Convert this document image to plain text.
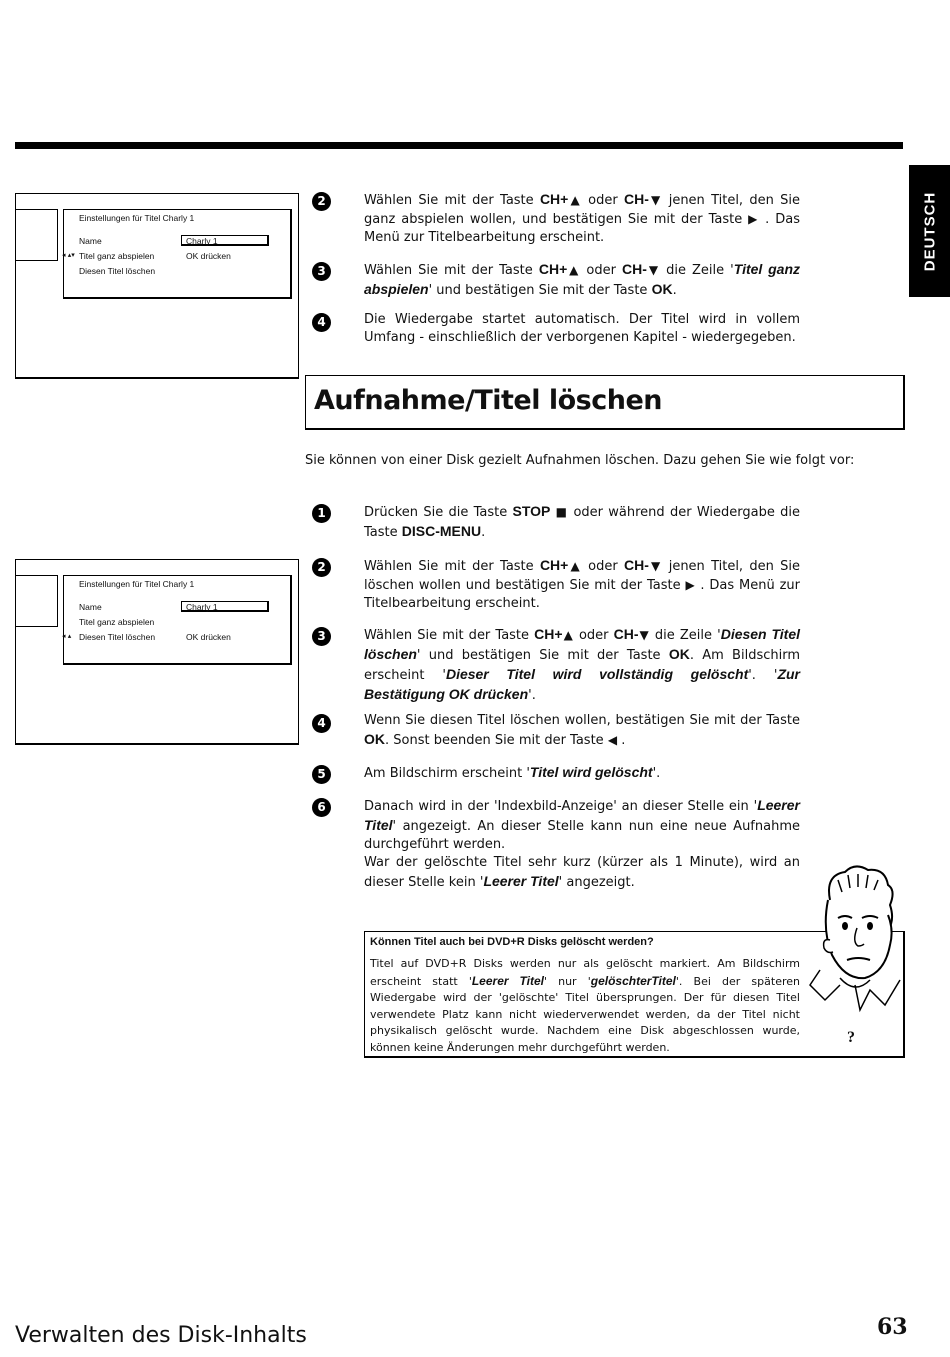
DEUTSCH
Einstellungen für Titel Charly 1
Name	Charly 1
◂ ▴▾ Titel ganz abspielen	OK drücken
Diesen Titel löschen
2	Wählen Sie mit der Taste CH+▲ oder CH-▼ jenen Titel, den Sie ganz abspielen wollen, und bestätigen Sie mit der Taste ▶ . Das Menü zur Titelbearbeitung erscheint.
3	Wählen Sie mit der Taste CH+▲ oder CH-▼ die Zeile 'Titel ganz abspielen' und bestätigen Sie mit der Taste OK.
4	Die Wiedergabe startet automatisch. Der Titel wird in vollem Umfang - einschließlich der verborgenen Kapitel - wiedergegeben.
Aufnahme/Titel löschen
Sie können von einer Disk gezielt Aufnahmen löschen. Dazu gehen Sie wie folgt vor:
Einstellungen für Titel Charly 1
Name	Charly 1
Titel ganz abspielen
◂ ▴ Diesen Titel löschen	OK drücken
1	Drücken Sie die Taste STOP ■ oder während der Wiedergabe die Taste DISC-MENU.
2	Wählen Sie mit der Taste CH+▲ oder CH-▼ jenen Titel, den Sie löschen wollen und bestätigen Sie mit der Taste ▶ . Das Menü zur Titelbearbeitung erscheint.
3	Wählen Sie mit der Taste CH+▲ oder CH-▼ die Zeile 'Diesen Titel löschen' und bestätigen Sie mit der Taste OK. Am Bildschirm erscheint 'Dieser Titel wird vollständig gelöscht'. 'Zur Bestätigung OK drücken'.
4	Wenn Sie diesen Titel löschen wollen, bestätigen Sie mit der Taste OK. Sonst beenden Sie mit der Taste ◀ .
5	Am Bildschirm erscheint 'Titel wird gelöscht'.
6	Danach wird in der 'Indexbild-Anzeige' an dieser Stelle ein 'Leerer Titel' angezeigt. An dieser Stelle kann nun eine neue Aufnahme durchgeführt werden.
War der gelöschte Titel sehr kurz (kürzer als 1 Minute), wird an dieser Stelle kein 'Leerer Titel' angezeigt.
Können Titel auch bei DVD+R Disks gelöscht werden?
Titel auf DVD+R Disks werden nur als gelöscht markiert. Am Bildschirm erscheint statt 'Leerer Titel' nur 'gelöschterTitel'. Bei der späteren Wiedergabe wird der 'gelöschte' Titel übersprungen. Der für diesen Titel verwendete Platz kann nicht wiederverwendet werden, da der Titel nicht physikalisch gelöscht wurde. Nachdem eine Disk abgeschlossen wurde, können keine Änderungen mehr durchgeführt werden.
?
Verwalten des Disk-Inhalts	63
